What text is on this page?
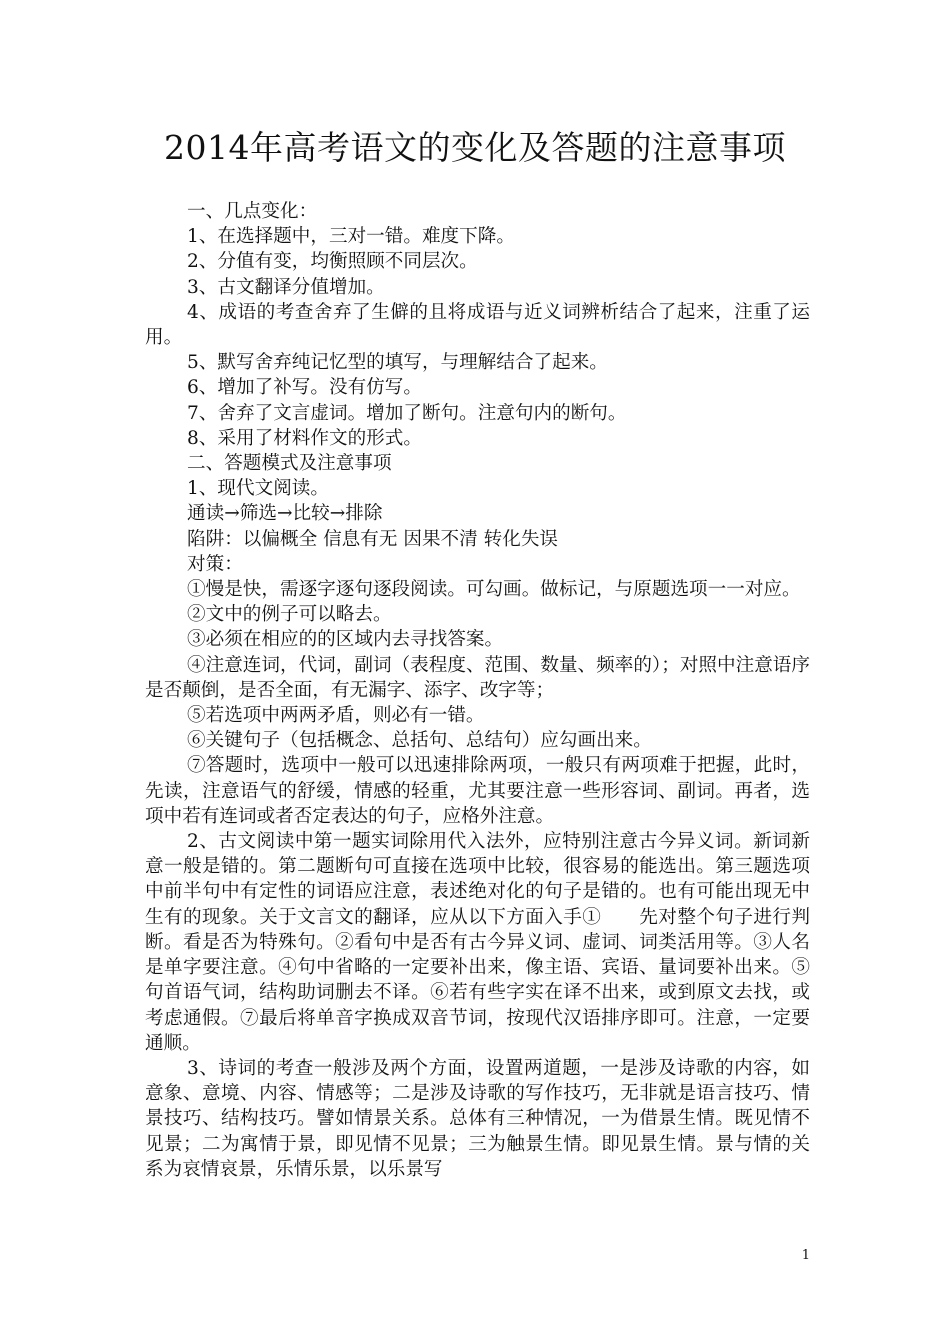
2014年高考语文的变化及答题的注意事项

一、几点变化：

1、在选择题中，三对一错。难度下降。

2、分值有变，均衡照顾不同层次。

3、古文翻译分值增加。

4、成语的考查舍弃了生僻的且将成语与近义词辨析结合了起来，注重了运用。

5、默写舍弃纯记忆型的填写，与理解结合了起来。

6、增加了补写。没有仿写。

7、舍弃了文言虚词。增加了断句。注意句内的断句。

8、采用了材料作文的形式。

二、答题模式及注意事项

1、现代文阅读。

通读→筛选→比较→排除

陷阱：以偏概全 信息有无 因果不清 转化失误

对策：

①慢是快，需逐字逐句逐段阅读。可勾画。做标记，与原题选项一一对应。

②文中的例子可以略去。

③必须在相应的的区域内去寻找答案。

④注意连词，代词，副词（表程度、范围、数量、频率的）；对照中注意语序是否颠倒，是否全面，有无漏字、添字、改字等；

⑤若选项中两两矛盾，则必有一错。

⑥关键句子（包括概念、总括句、总结句）应勾画出来。

⑦答题时，选项中一般可以迅速排除两项，一般只有两项难于把握，此时，先读，注意语气的舒缓，情感的轻重，尤其要注意一些形容词、副词。再者，选项中若有连词或者否定表达的句子，应格外注意。

2、古文阅读中第一题实词除用代入法外，应特别注意古今异义词。新词新意一般是错的。第二题断句可直接在选项中比较，很容易的能选出。第三题选项中前半句中有定性的词语应注意，表述绝对化的句子是错的。也有可能出现无中生有的现象。关于文言文的翻译，应从以下方面入手①　　先对整个句子进行判断。看是否为特殊句。②看句中是否有古今异义词、虚词、词类活用等。③人名是单字要注意。④句中省略的一定要补出来，像主语、宾语、量词要补出来。⑤句首语气词，结构助词删去不译。⑥若有些字实在译不出来，或到原文去找，或考虑通假。⑦最后将单音字换成双音节词，按现代汉语排序即可。注意，一定要通顺。

3、诗词的考查一般涉及两个方面，设置两道题，一是涉及诗歌的内容，如意象、意境、内容、情感等；二是涉及诗歌的写作技巧，无非就是语言技巧、情景技巧、结构技巧。譬如情景关系。总体有三种情况，一为借景生情。既见情不见景；二为寓情于景，即见情不见景；三为触景生情。即见景生情。景与情的关系为哀情哀景，乐情乐景，以乐景写

1
